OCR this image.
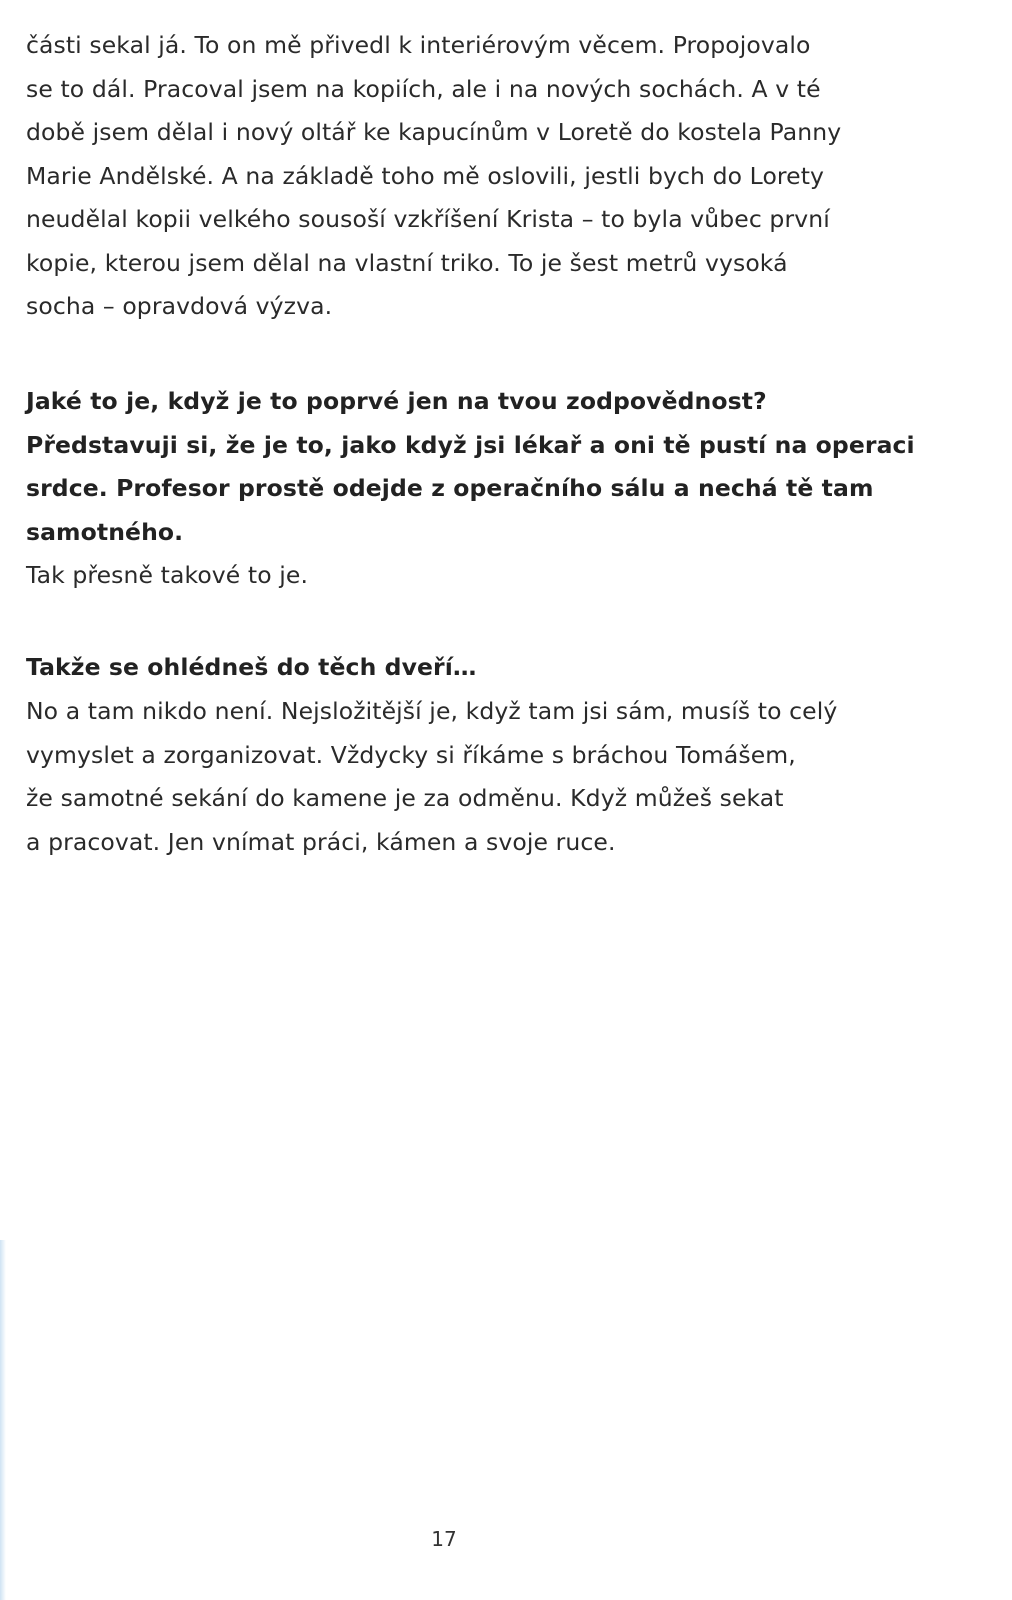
části sekal já. To on mě přivedl k interiérovým věcem. Propojovalo
se to dál. Pracoval jsem na kopiích, ale i na nových sochách. A v té
době jsem dělal i nový oltář ke kapucínům v Loretě do kostela Panny
Marie Andělské. A na základě toho mě oslovili, jestli bych do Lorety
neudělal kopii velkého sousoší vzkříšení Krista – to byla vůbec první
kopie, kterou jsem dělal na vlastní triko. To je šest metrů vysoká
socha – opravdová výzva.
Jaké to je, když je to poprvé jen na tvou zodpovědnost?
Představuji si, že je to, jako když jsi lékař a oni tě pustí na operaci
srdce. Profesor prostě odejde z operačního sálu a nechá tě tam
samotného.
Tak přesně takové to je.
Takže se ohlédneš do těch dveří…
No a tam nikdo není. Nejsložitější je, když tam jsi sám, musíš to celý
vymyslet a zorganizovat. Vždycky si říkáme s bráchou Tomášem,
že samotné sekání do kamene je za odměnu. Když můžeš sekat
a pracovat. Jen vnímat práci, kámen a svoje ruce.
17
